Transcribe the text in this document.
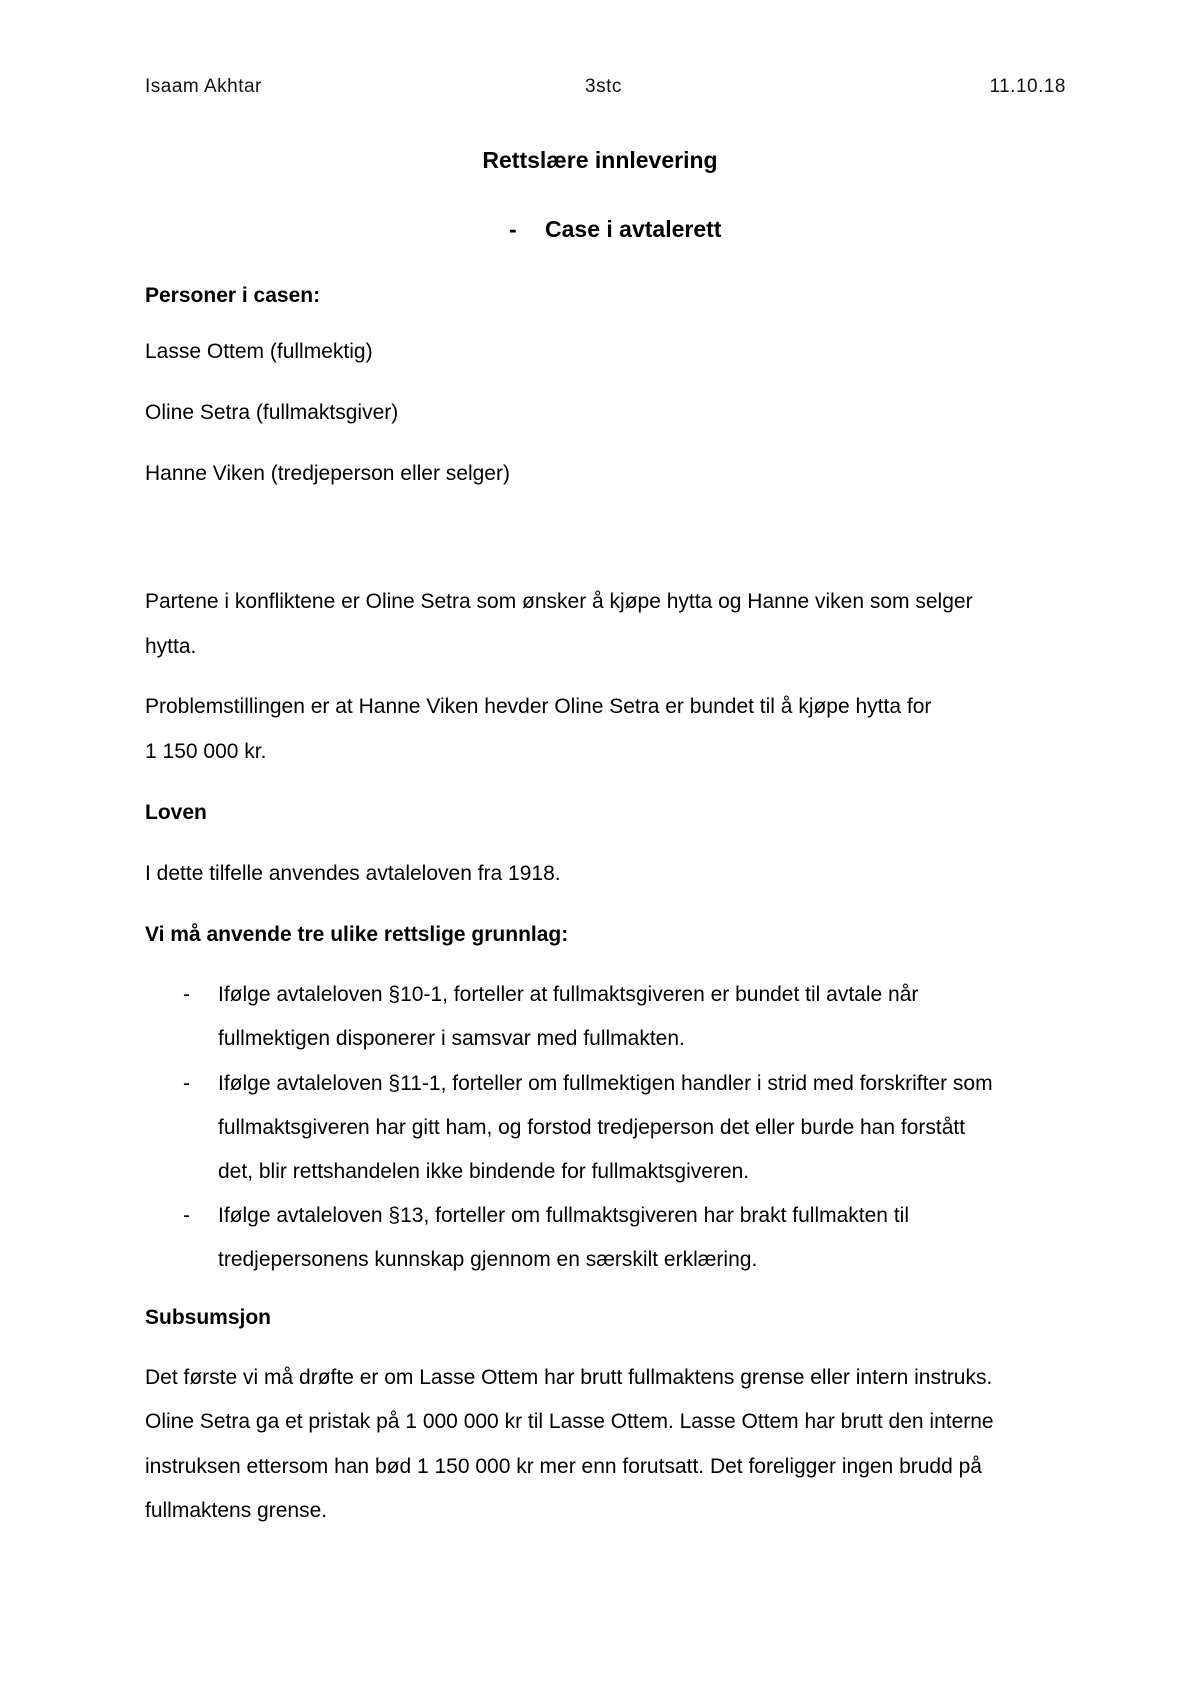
Isaam Akhtar	3stc	11.10.18
Rettslære innlevering
- Case i avtalerett

Personer i casen:

Lasse Ottem (fullmektig)

Oline Setra (fullmaktsgiver)

Hanne Viken (tredjeperson eller selger)

Partene i konfliktene er Oline Setra som ønsker å kjøpe hytta og Hanne viken som selger

hytta.

Problemstillingen er at Hanne Viken hevder Oline Setra er bundet til å kjøpe hytta for

1 150 000 kr.

Loven

I dette tilfelle anvendes avtaleloven fra 1918.

Vi må anvende tre ulike rettslige grunnlag:

- Ifølge avtaleloven §10-1, forteller at fullmaktsgiveren er bundet til avtale når
fullmektigen disponerer i samsvar med fullmakten.
- Ifølge avtaleloven §11-1, forteller om fullmektigen handler i strid med forskrifter som
fullmaktsgiveren har gitt ham, og forstod tredjeperson det eller burde han forstått
det, blir rettshandelen ikke bindende for fullmaktsgiveren.
- Ifølge avtaleloven §13, forteller om fullmaktsgiveren har brakt fullmakten til
tredjepersonens kunnskap gjennom en særskilt erklæring.

Subsumsjon

Det første vi må drøfte er om Lasse Ottem har brutt fullmaktens grense eller intern instruks.

Oline Setra ga et pristak på 1 000 000 kr til Lasse Ottem. Lasse Ottem har brutt den interne

instruksen ettersom han bød 1 150 000 kr mer enn forutsatt. Det foreligger ingen brudd på

fullmaktens grense.
